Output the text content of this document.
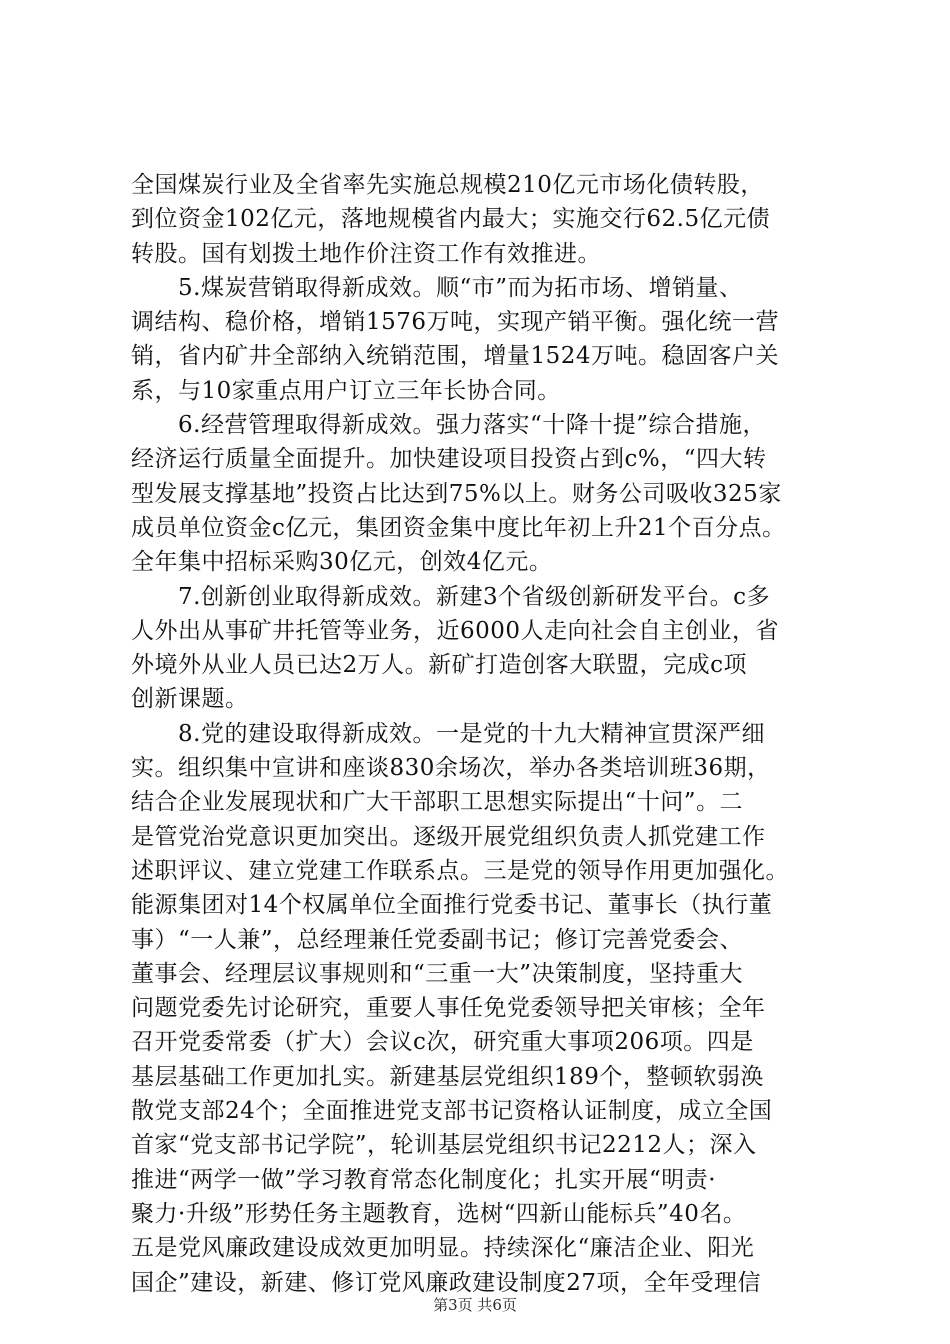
全国煤炭行业及全省率先实施总规模210亿元市场化债转股，
到位资金102亿元，落地规模省内最大；实施交行62.5亿元债
转股。国有划拨土地作价注资工作有效推进。
　　5.煤炭营销取得新成效。顺“市”而为拓市场、增销量、
调结构、稳价格，增销1576万吨，实现产销平衡。强化统一营
销，省内矿井全部纳入统销范围，增量1524万吨。稳固客户关
系，与10家重点用户订立三年长协合同。
　　6.经营管理取得新成效。强力落实“十降十提”综合措施，
经济运行质量全面提升。加快建设项目投资占到c%，“四大转
型发展支撑基地”投资占比达到75%以上。财务公司吸收325家
成员单位资金c亿元，集团资金集中度比年初上升21个百分点。
全年集中招标采购30亿元，创效4亿元。
　　7.创新创业取得新成效。新建3个省级创新研发平台。c多
人外出从事矿井托管等业务，近6000人走向社会自主创业，省
外境外从业人员已达2万人。新矿打造创客大联盟，完成c项
创新课题。
　　8.党的建设取得新成效。一是党的十九大精神宣贯深严细
实。组织集中宣讲和座谈830余场次，举办各类培训班36期，
结合企业发展现状和广大干部职工思想实际提出“十问”。二
是管党治党意识更加突出。逐级开展党组织负责人抓党建工作
述职评议、建立党建工作联系点。三是党的领导作用更加强化。
能源集团对14个权属单位全面推行党委书记、董事长（执行董
事）“一人兼”，总经理兼任党委副书记；修订完善党委会、
董事会、经理层议事规则和“三重一大”决策制度，坚持重大
问题党委先讨论研究，重要人事任免党委领导把关审核；全年
召开党委常委（扩大）会议c次，研究重大事项206项。四是
基层基础工作更加扎实。新建基层党组织189个，整顿软弱涣
散党支部24个；全面推进党支部书记资格认证制度，成立全国
首家“党支部书记学院”，轮训基层党组织书记2212人；深入
推进“两学一做”学习教育常态化制度化；扎实开展“明责·
聚力·升级”形势任务主题教育，选树“四新山能标兵”40名。
五是党风廉政建设成效更加明显。持续深化“廉洁企业、阳光
国企”建设，新建、修订党风廉政建设制度27项，全年受理信
第3页 共6页
